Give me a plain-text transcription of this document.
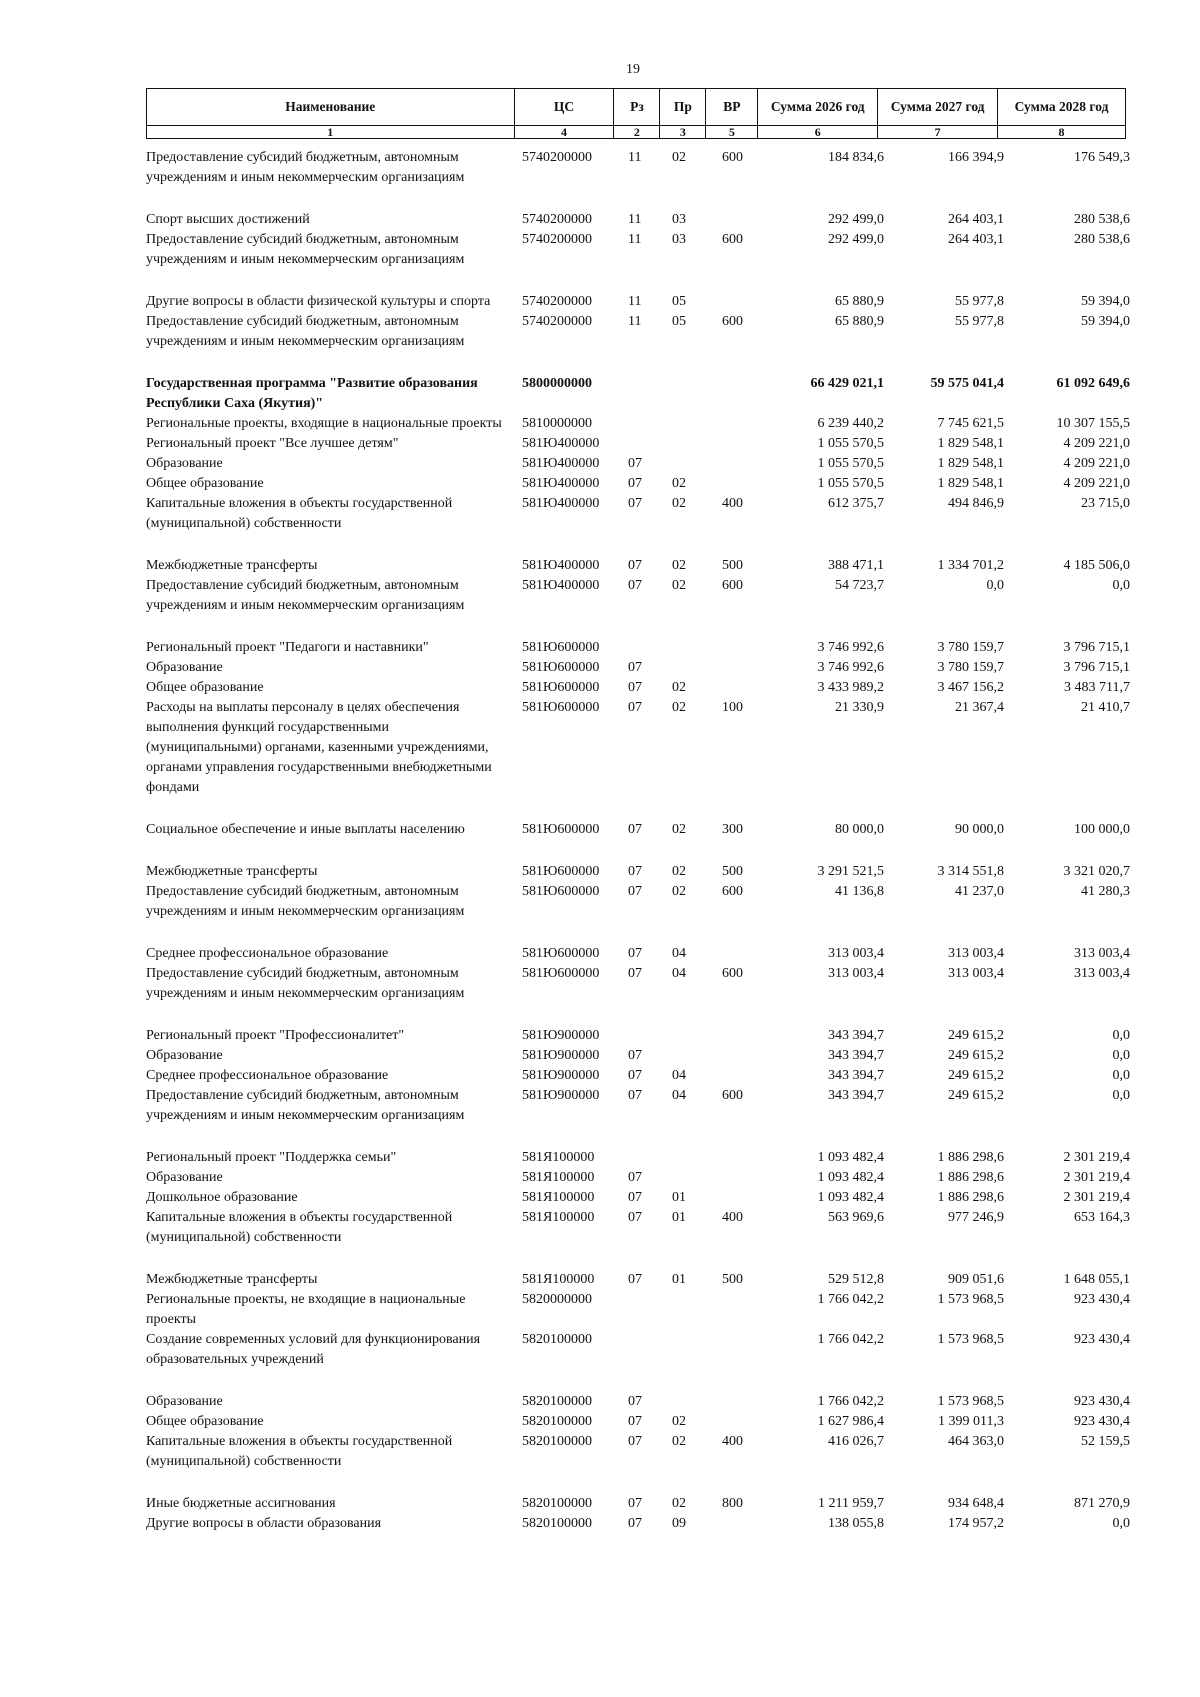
19
Наименование	ЦС	Рз	Пр	ВР	Сумма 2026 год	Сумма 2027 год	Сумма 2028 год
1	4	2	3	5	6	7	8
Предоставление субсидий бюджетным, автономным учреждениям и иным некоммерческим организациям	5740200000	11	02	600	184 834,6	166 394,9	176 549,3

Спорт высших достижений	5740200000	11	03		292 499,0	264 403,1	280 538,6
Предоставление субсидий бюджетным, автономным учреждениям и иным некоммерческим организациям	5740200000	11	03	600	292 499,0	264 403,1	280 538,6

Другие вопросы в области физической культуры и спорта	5740200000	11	05		65 880,9	55 977,8	59 394,0
Предоставление субсидий бюджетным, автономным учреждениям и иным некоммерческим организациям	5740200000	11	05	600	65 880,9	55 977,8	59 394,0

Государственная программа "Развитие образования Республики Саха (Якутия)"	5800000000				66 429 021,1	59 575 041,4	61 092 649,6
Региональные проекты, входящие в национальные проекты	5810000000				6 239 440,2	7 745 621,5	10 307 155,5
Региональный проект "Все лучшее детям"	581Ю400000				1 055 570,5	1 829 548,1	4 209 221,0
Образование	581Ю400000	07			1 055 570,5	1 829 548,1	4 209 221,0
Общее образование	581Ю400000	07	02		1 055 570,5	1 829 548,1	4 209 221,0
Капитальные вложения в объекты государственной (муниципальной) собственности	581Ю400000	07	02	400	612 375,7	494 846,9	23 715,0

Межбюджетные трансферты	581Ю400000	07	02	500	388 471,1	1 334 701,2	4 185 506,0
Предоставление субсидий бюджетным, автономным учреждениям и иным некоммерческим организациям	581Ю400000	07	02	600	54 723,7	0,0	0,0

Региональный проект "Педагоги и наставники"	581Ю600000				3 746 992,6	3 780 159,7	3 796 715,1
Образование	581Ю600000	07			3 746 992,6	3 780 159,7	3 796 715,1
Общее образование	581Ю600000	07	02		3 433 989,2	3 467 156,2	3 483 711,7
Расходы на выплаты персоналу в целях обеспечения выполнения функций государственными (муниципальными) органами, казенными учреждениями, органами управления государственными внебюджетными фондами	581Ю600000	07	02	100	21 330,9	21 367,4	21 410,7

Социальное обеспечение и иные выплаты населению	581Ю600000	07	02	300	80 000,0	90 000,0	100 000,0

Межбюджетные трансферты	581Ю600000	07	02	500	3 291 521,5	3 314 551,8	3 321 020,7
Предоставление субсидий бюджетным, автономным учреждениям и иным некоммерческим организациям	581Ю600000	07	02	600	41 136,8	41 237,0	41 280,3

Среднее профессиональное образование	581Ю600000	07	04		313 003,4	313 003,4	313 003,4
Предоставление субсидий бюджетным, автономным учреждениям и иным некоммерческим организациям	581Ю600000	07	04	600	313 003,4	313 003,4	313 003,4

Региональный проект "Профессионалитет"	581Ю900000				343 394,7	249 615,2	0,0
Образование	581Ю900000	07			343 394,7	249 615,2	0,0
Среднее профессиональное образование	581Ю900000	07	04		343 394,7	249 615,2	0,0
Предоставление субсидий бюджетным, автономным учреждениям и иным некоммерческим организациям	581Ю900000	07	04	600	343 394,7	249 615,2	0,0

Региональный проект "Поддержка семьи"	581Я100000				1 093 482,4	1 886 298,6	2 301 219,4
Образование	581Я100000	07			1 093 482,4	1 886 298,6	2 301 219,4
Дошкольное образование	581Я100000	07	01		1 093 482,4	1 886 298,6	2 301 219,4
Капитальные вложения в объекты государственной (муниципальной) собственности	581Я100000	07	01	400	563 969,6	977 246,9	653 164,3

Межбюджетные трансферты	581Я100000	07	01	500	529 512,8	909 051,6	1 648 055,1
Региональные проекты, не входящие в национальные проекты	5820000000				1 766 042,2	1 573 968,5	923 430,4
Создание современных условий для функционирования образовательных учреждений	5820100000				1 766 042,2	1 573 968,5	923 430,4

Образование	5820100000	07			1 766 042,2	1 573 968,5	923 430,4
Общее образование	5820100000	07	02		1 627 986,4	1 399 011,3	923 430,4
Капитальные вложения в объекты государственной (муниципальной) собственности	5820100000	07	02	400	416 026,7	464 363,0	52 159,5

Иные бюджетные ассигнования	5820100000	07	02	800	1 211 959,7	934 648,4	871 270,9
Другие вопросы в области образования	5820100000	07	09		138 055,8	174 957,2	0,0
